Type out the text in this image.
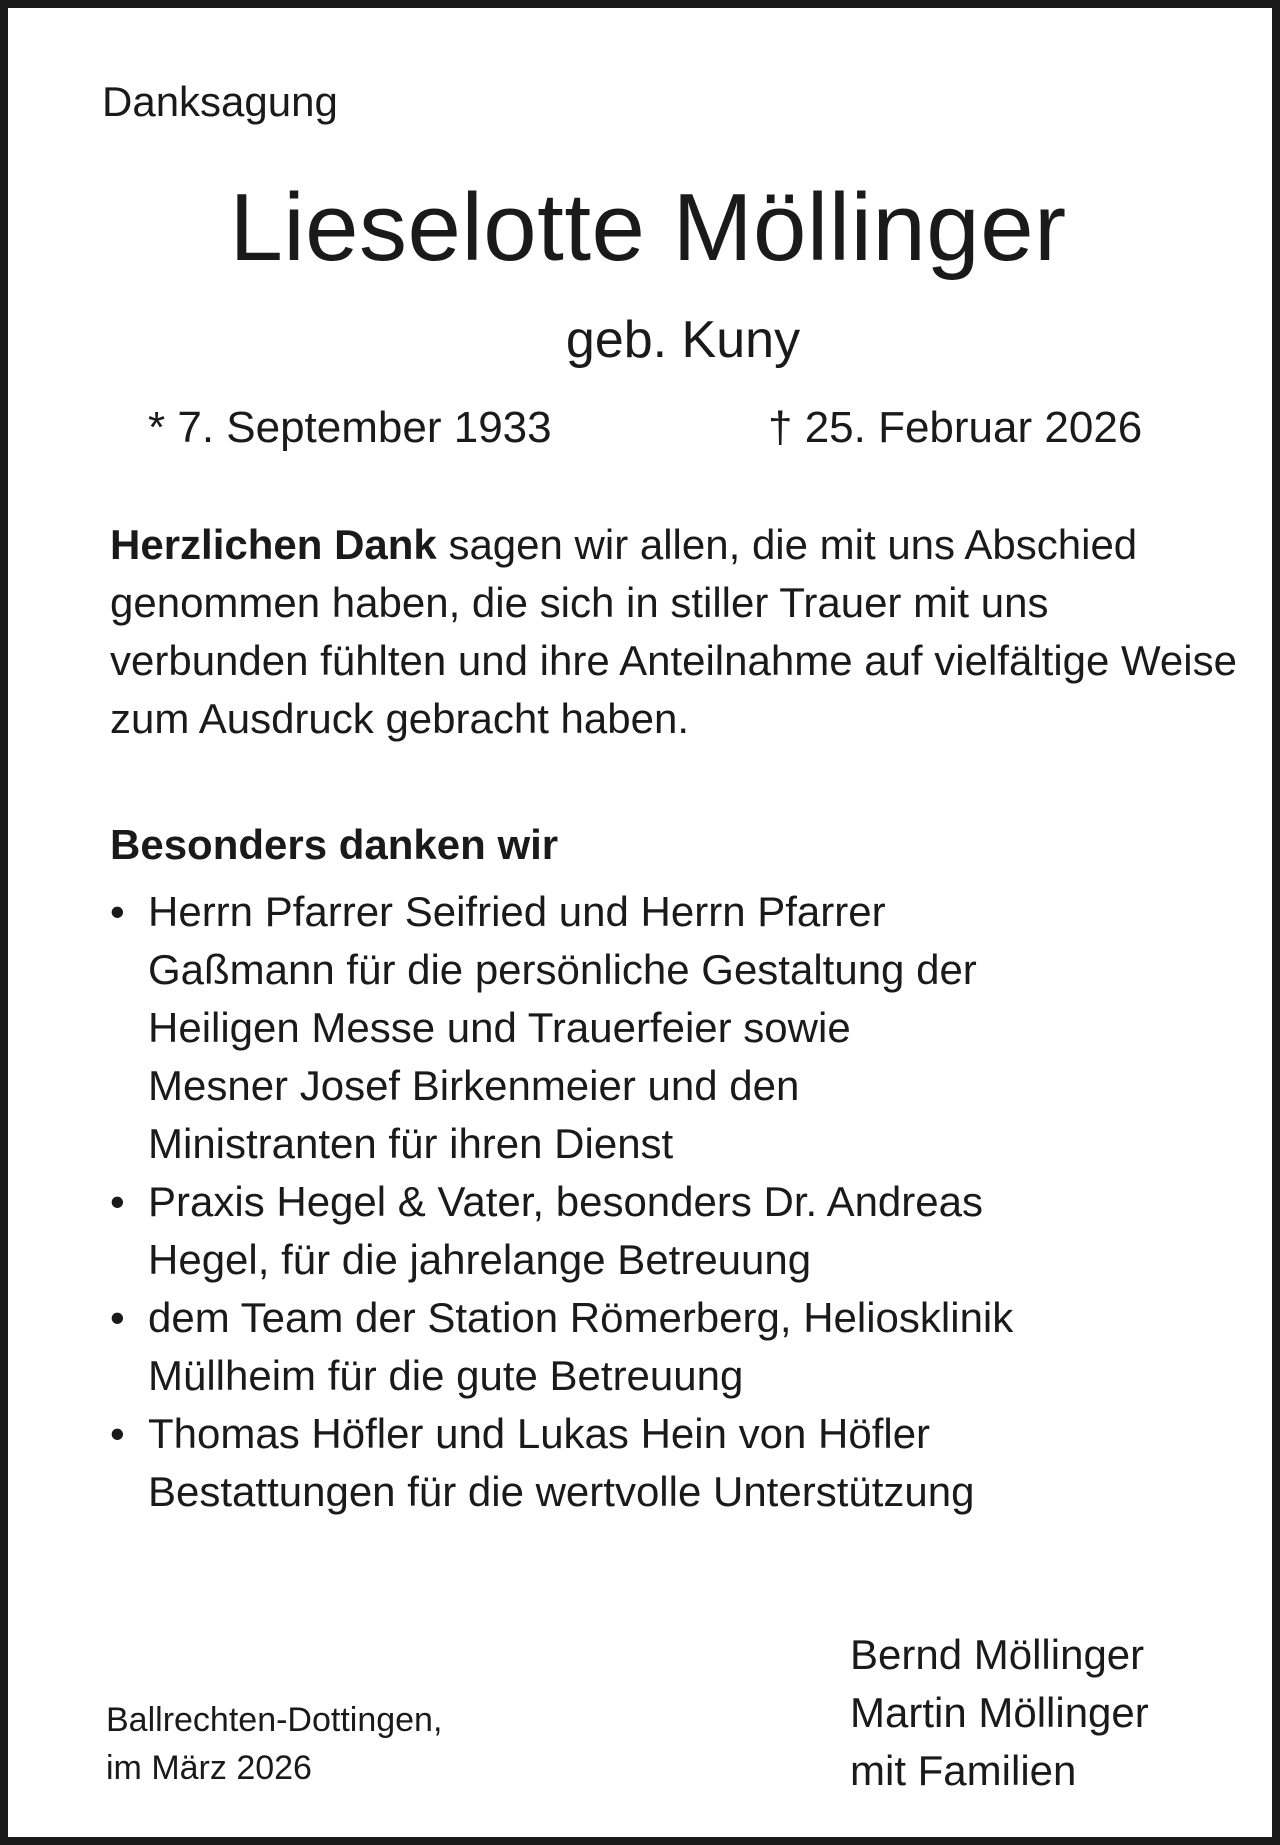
Danksagung
Lieselotte Möllinger
geb. Kuny
* 7. September 1933	† 25. Februar 2026
Herzlichen Dank sagen wir allen, die mit uns Abschied genommen haben, die sich in stiller Trauer mit uns verbunden fühlten und ihre Anteilnahme auf vielfältige Weise zum Ausdruck gebracht haben.
Besonders danken wir
• Herrn Pfarrer Seifried und Herrn Pfarrer
Gaßmann für die persönliche Gestaltung der
Heiligen Messe und Trauerfeier sowie
Mesner Josef Birkenmeier und den
Ministranten für ihren Dienst
• Praxis Hegel & Vater, besonders Dr. Andreas
Hegel, für die jahrelange Betreuung
• dem Team der Station Römerberg, Heliosklinik
Müllheim für die gute Betreuung
• Thomas Höfler und Lukas Hein von Höfler
Bestattungen für die wertvolle Unterstützung
Ballrechten-Dottingen,
im März 2026
Bernd Möllinger
Martin Möllinger
mit Familien
